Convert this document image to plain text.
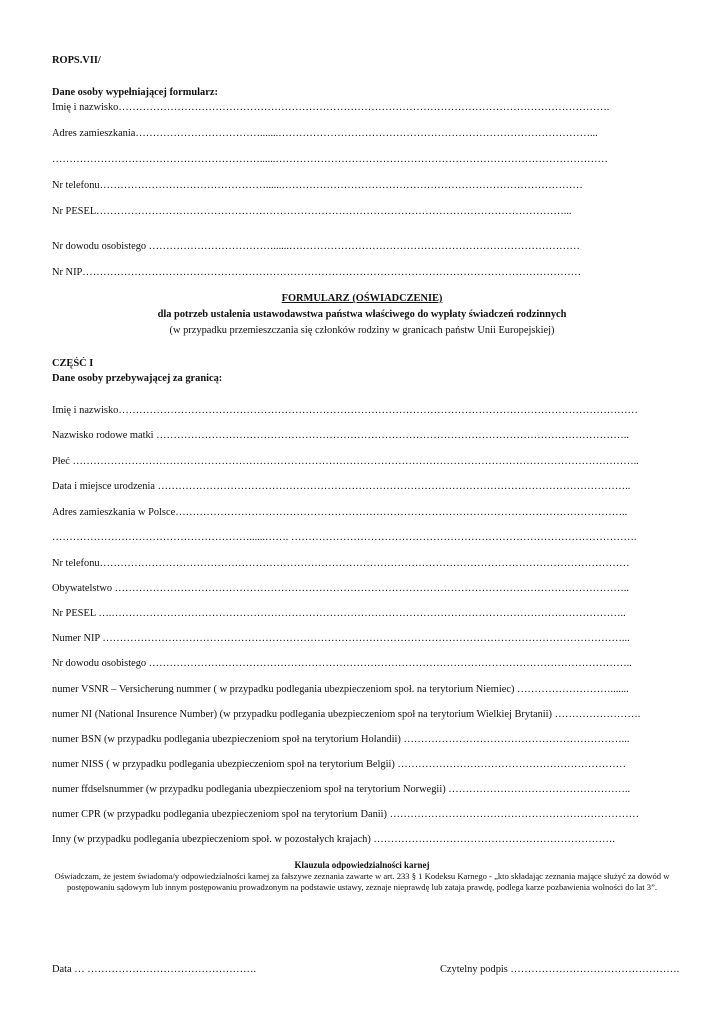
ROPS.VII/
Dane osoby wypełniającej formularz:
Imię i nazwisko…………………………………………………………………………………………………………………………….
Adres zamieszkania……………………………….......………………………………………………………………………………...
……………………………………………………......……………………………………………………………………………………
Nr telefonu…………………………………………......……………………………………………………………………………
Nr PESEL………………………………………………………………………………………………………………………...
Nr dowodu osobistego ………………………………......…………………………………………………………………………
Nr NIP………………………………………………………………………………………………………………………………
FORMULARZ (OŚWIADCZENIE)
dla potrzeb ustalenia ustawodawstwa państwa właściwego do wypłaty świadczeń rodzinnych
(w przypadku przemieszczania się członków rodziny w granicach państw Unii Europejskiej)
CZĘŚĆ I
Dane osoby przebywającej za granicą:
Imię i nazwisko……………………………………………………………………………………………………………………………………
Nazwisko rodowe matki ………………………………………………………………………………………………………………………..
Płeć ………………………………………………………………………………………………………………………………………………..
Data i miejsce urodzenia ………………………………………………………………………………………………………………………..
Adres zamieszkania w Polsce…………………………………………………………………………………………………………………..
…………………………………………………......……. ……………………………………………………………………………………….
Nr telefonu………………………………………………………………………………………………………………………………………
Obywatelstwo …………………………………………………………………………………………………………………………………..
Nr PESEL ….…………………………………………………………………………………………………………………………………..
Numer NIP ……………………………………………………………………………………………………………………………………...
Nr dowodu osobistego …………………………………………………………………………………………………………………………..
numer VSNR – Versicherung nummer ( w przypadku podlegania ubezpieczeniom społ. na terytorium Niemiec) ……………………….......
numer NI (National Insurence Number) (w przypadku podlegania ubezpieczeniom społ na terytorium Wielkiej Brytanii) …………………….
numer BSN (w przypadku podlegania ubezpieczeniom społ na terytorium Holandii) ………………………………………………………...
numer NISS ( w przypadku podlegania ubezpieczeniom społ na terytorium Belgii) …………………………………………………………
numer ffdselsnummer (w przypadku podlegania ubezpieczeniom społ na terytorium Norwegii) ……………………………………………..
numer CPR (w przypadku podlegania ubezpieczeniom społ na terytorium Danii) ………………………………………………………………
Inny (w przypadku podlegania ubezpieczeniom społ. w pozostałych krajach) …………………………………………………………….
Klauzula odpowiedzialności karnej
Oświadczam, że jestem świadoma/y odpowiedzialności karnej za fałszywe zeznania zawarte w art. 233 § 1 Kodeksu Karnego - „kto składając zeznania mające służyć za dowód w postępowaniu sądowym lub innym postępowaniu prowadzonym na podstawie ustawy, zeznaje nieprawdę lub zataja prawdę, podlega karze pozbawienia wolności do lat 3”.
Data … ………………………………………….	Czytelny podpis ………………………………………….
